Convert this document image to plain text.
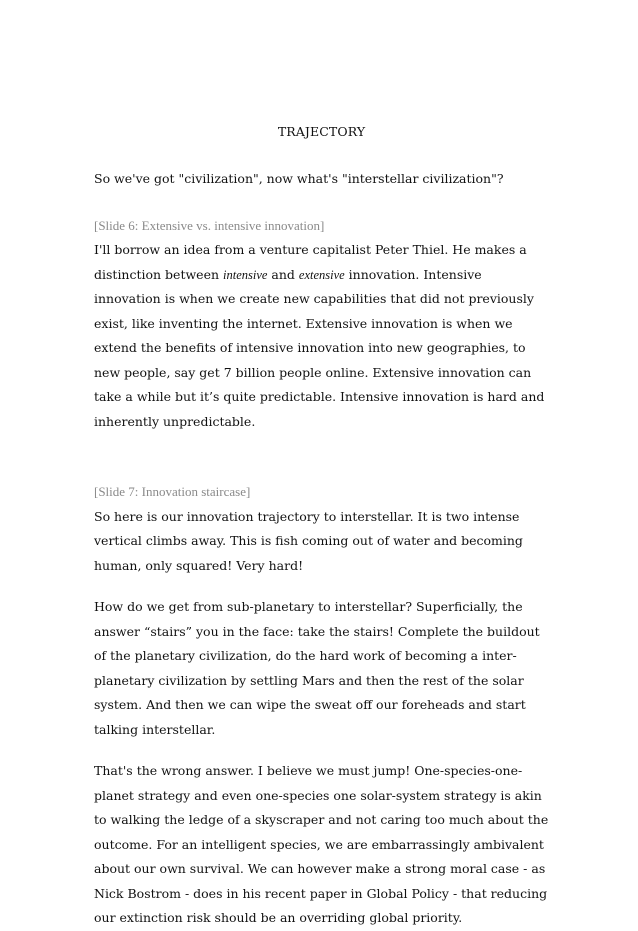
TRAJECTORY

So we've got "civilization", now what's "interstellar civilization"?

[Slide 6: Extensive vs. intensive innovation]

I'll borrow an idea from a venture capitalist Peter Thiel. He makes a distinction between intensive and extensive innovation. Intensive innovation is when we create new capabilities that did not previously exist, like inventing the internet. Extensive innovation is when we extend the benefits of intensive innovation into new geographies, to new people, say get 7 billion people online. Extensive innovation can take a while but it’s quite predictable. Intensive innovation is hard and inherently unpredictable.

[Slide 7: Innovation staircase]

So here is our innovation trajectory to interstellar. It is two intense vertical climbs away. This is fish coming out of water and becoming human, only squared! Very hard!

How do we get from sub-planetary to interstellar? Superficially, the answer “stairs” you in the face: take the stairs! Complete the buildout of the planetary civilization, do the hard work of becoming a inter-planetary civilization by settling Mars and then the rest of the solar system. And then we can wipe the sweat off our foreheads and start talking interstellar.

That's the wrong answer. I believe we must jump! One-species-one-planet strategy and even one-species one solar-system strategy is akin to walking the ledge of a skyscraper and not caring too much about the outcome. For an intelligent species, we are embarrassingly ambivalent about our own survival. We can however make a strong moral case - as Nick Bostrom - does in his recent paper in Global Policy - that reducing our extinction risk should be an overriding global priority.
